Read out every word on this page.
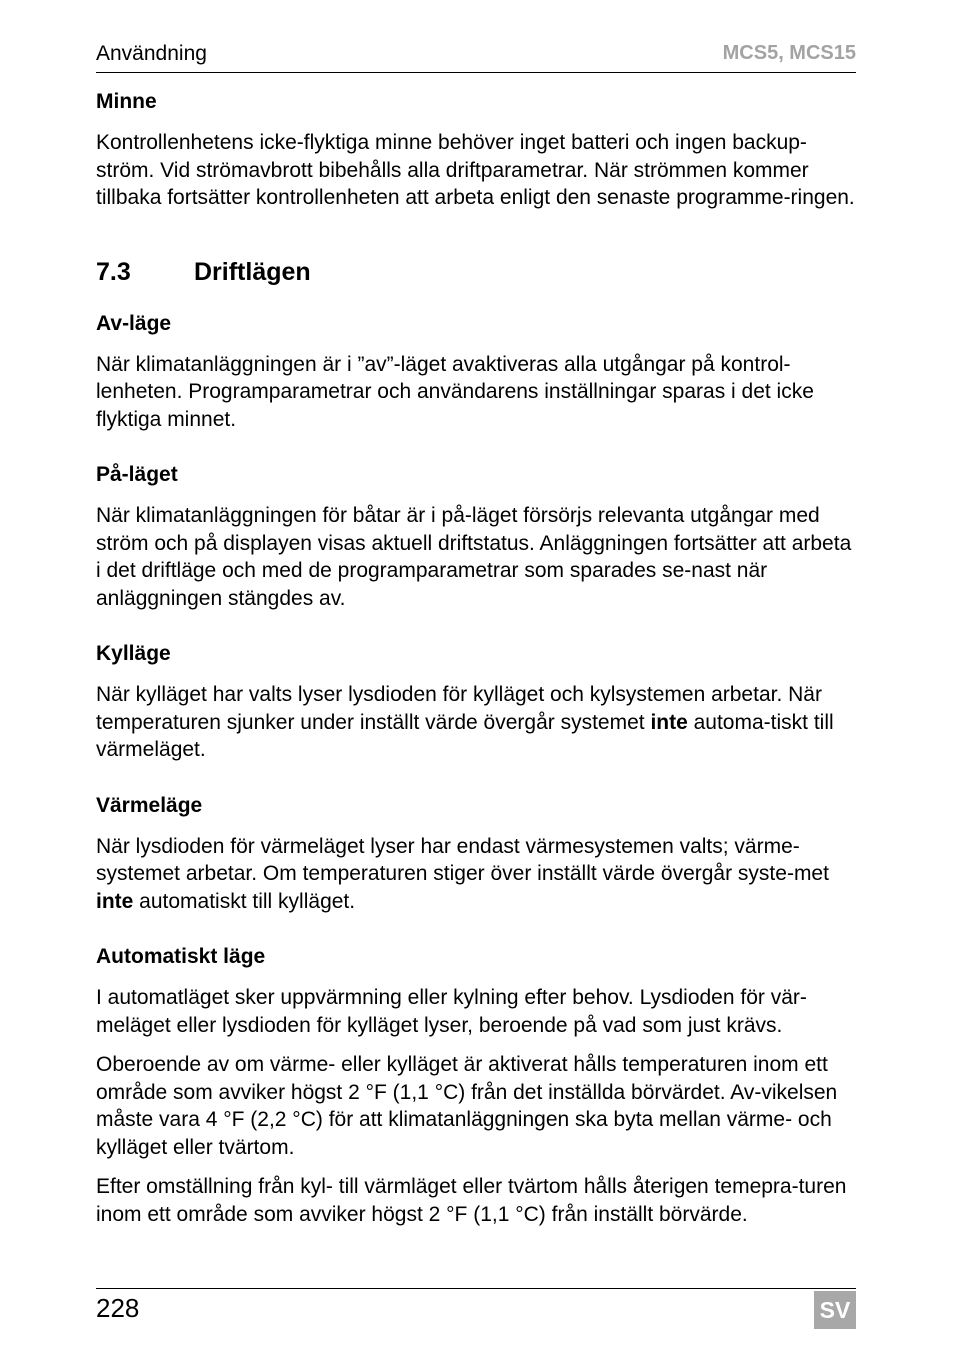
Användning	MCS5, MCS15
Minne

Kontrollenhetens icke-flyktiga minne behöver inget batteri och ingen backup-ström. Vid strömavbrott bibehålls alla driftparametrar. När strömmen kommer tillbaka fortsätter kontrollenheten att arbeta enligt den senaste programme-ringen.

7.3	Driftlägen
Av-läge

När klimatanläggningen är i ”av”-läget avaktiveras alla utgångar på kontrol-lenheten. Programparametrar och användarens inställningar sparas i det icke flyktiga minnet.

På-läget

När klimatanläggningen för båtar är i på-läget försörjs relevanta utgångar med ström och på displayen visas aktuell driftstatus. Anläggningen fortsätter att arbeta i det driftläge och med de programparametrar som sparades se-nast när anläggningen stängdes av.

Kylläge

När kylläget har valts lyser lysdioden för kylläget och kylsystemen arbetar. När temperaturen sjunker under inställt värde övergår systemet inte automa-tiskt till värmeläget.

Värmeläge

När lysdioden för värmeläget lyser har endast värmesystemen valts; värme-systemet arbetar. Om temperaturen stiger över inställt värde övergår syste-met inte automatiskt till kylläget.

Automatiskt läge

I automatläget sker uppvärmning eller kylning efter behov. Lysdioden för vär-meläget eller lysdioden för kylläget lyser, beroende på vad som just krävs.

Oberoende av om värme- eller kylläget är aktiverat hålls temperaturen inom ett område som avviker högst 2 °F (1,1 °C) från det inställda börvärdet. Av-vikelsen måste vara 4 °F (2,2 °C) för att klimatanläggningen ska byta mellan värme- och kylläget eller tvärtom.

Efter omställning från kyl- till värmläget eller tvärtom hålls återigen temepra-turen inom ett område som avviker högst 2 °F (1,1 °C) från inställt börvärde.

228	SV
